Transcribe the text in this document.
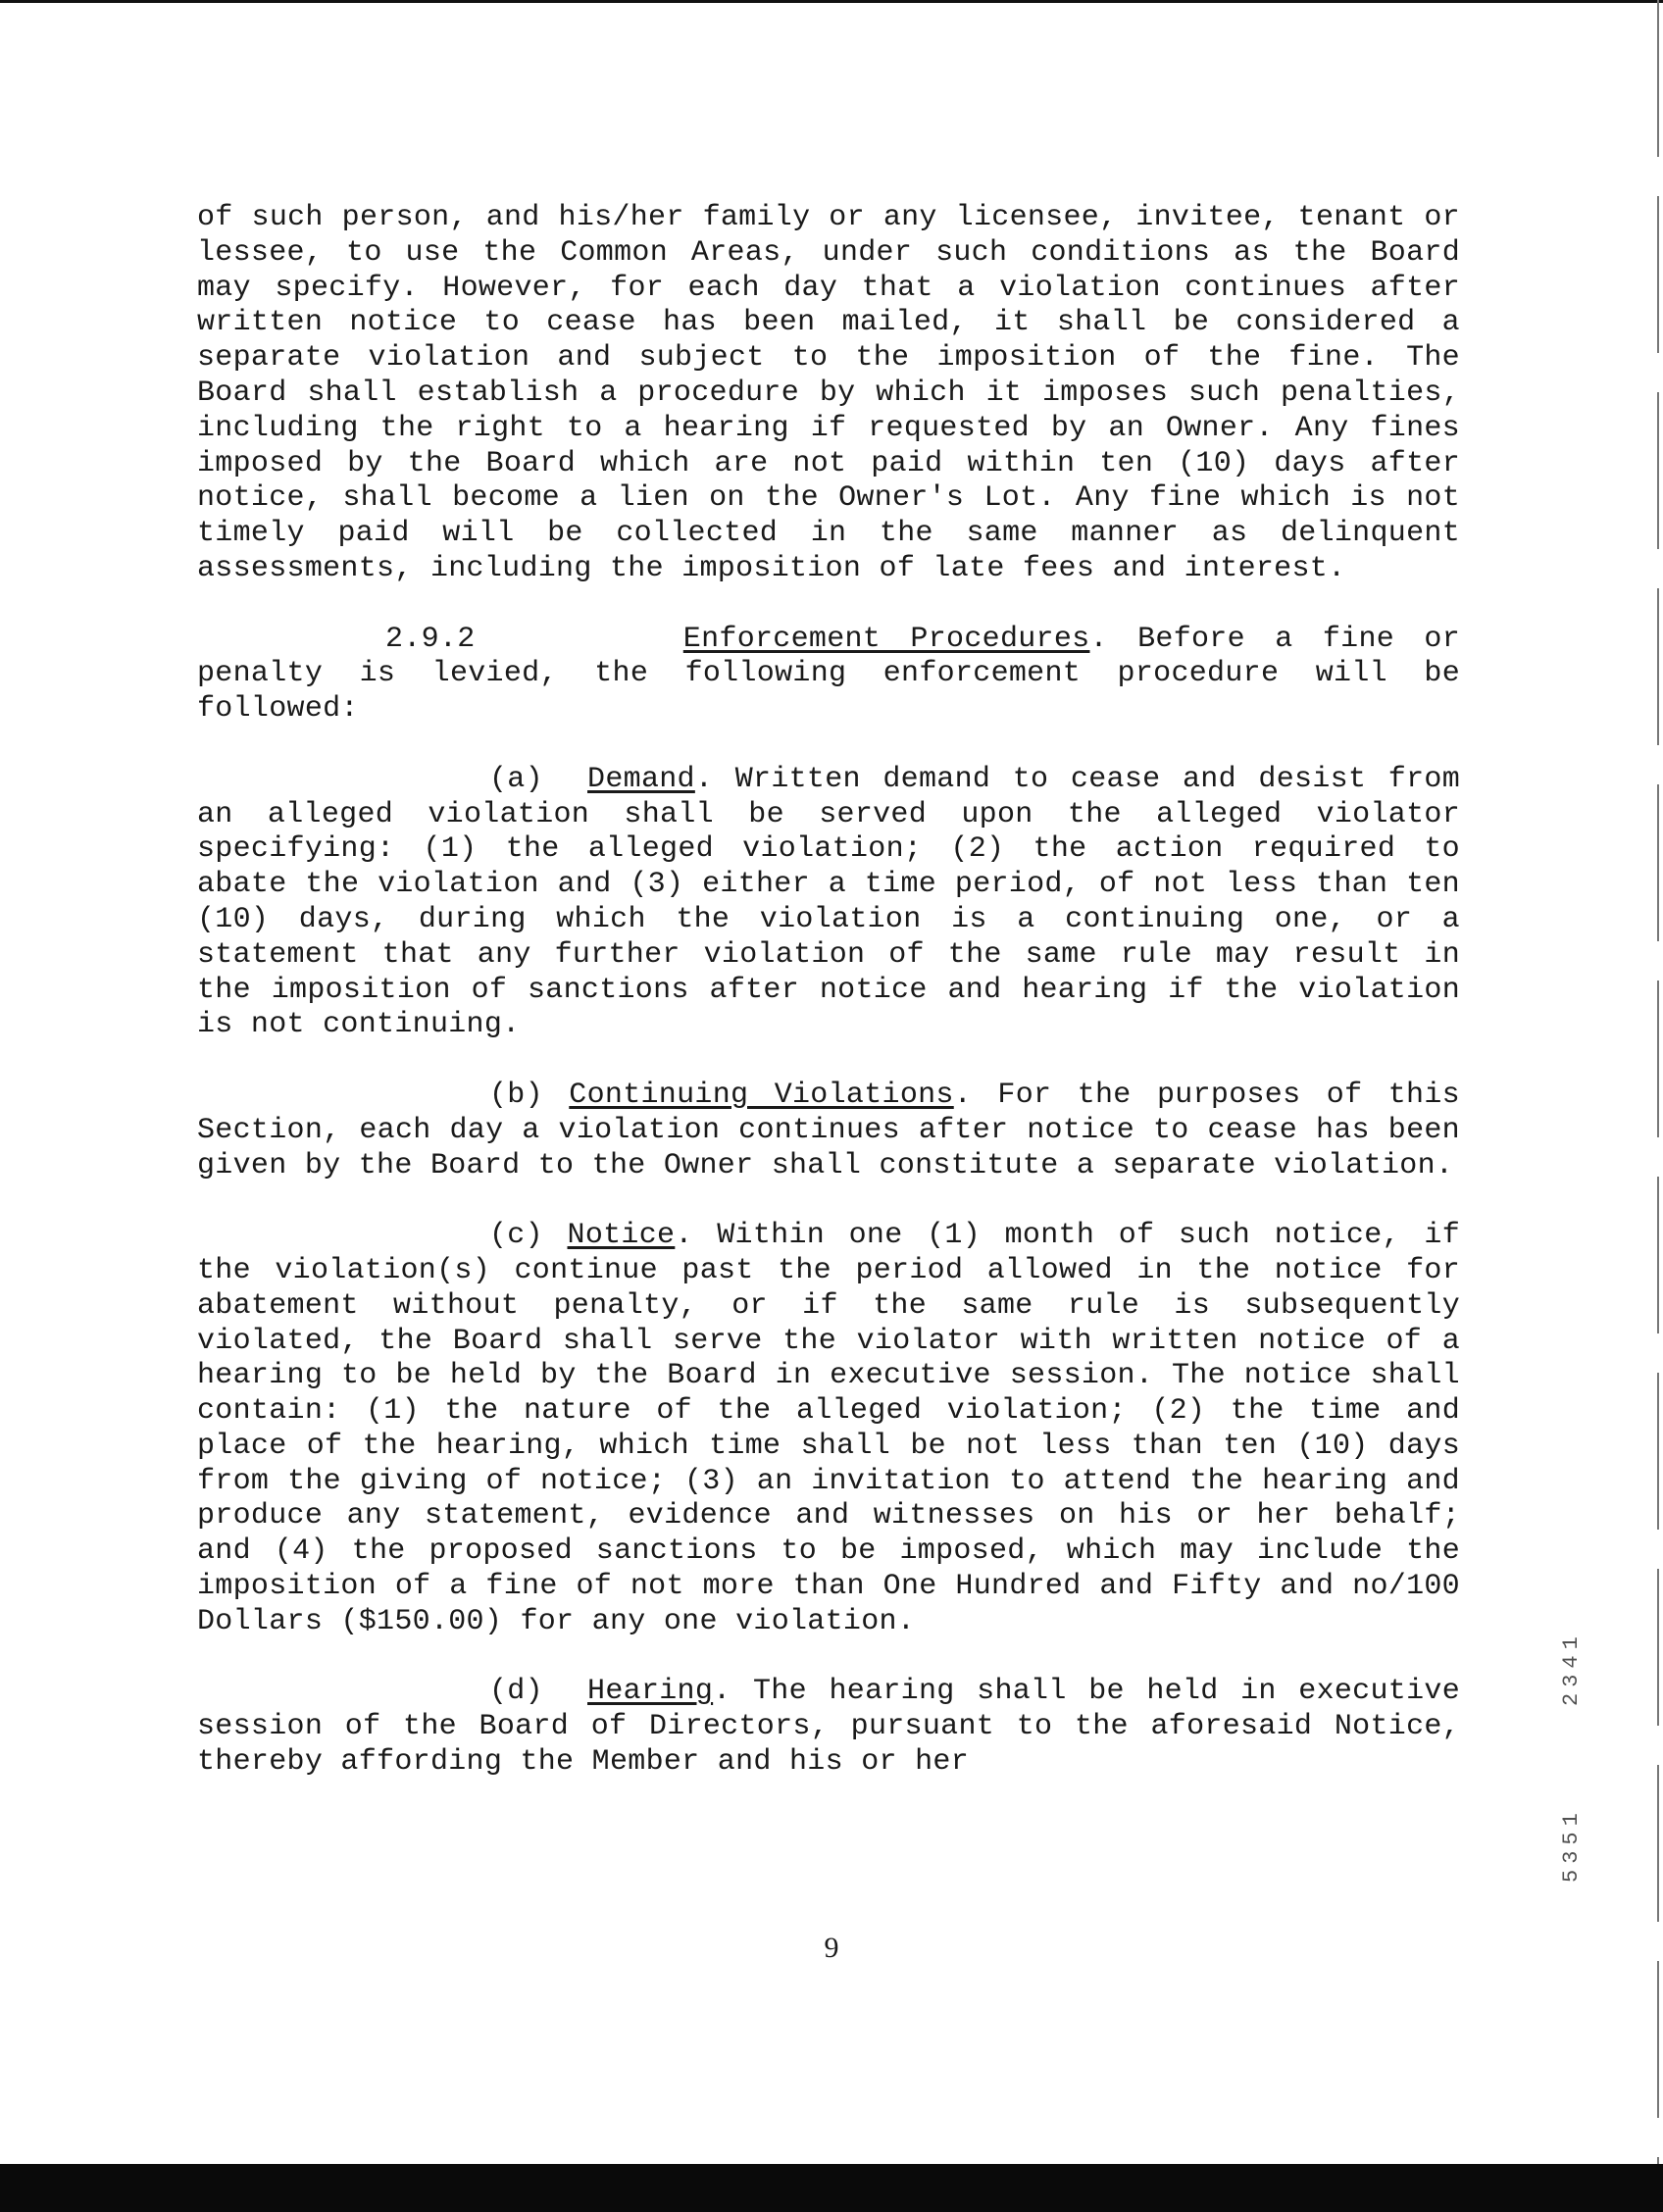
of such person, and his/her family or any licensee, invitee, tenant or lessee, to use the Common Areas, under such conditions as the Board may specify. However, for each day that a violation continues after written notice to cease has been mailed, it shall be considered a separate violation and subject to the imposition of the fine. The Board shall establish a procedure by which it imposes such penalties, including the right to a hearing if requested by an Owner. Any fines imposed by the Board which are not paid within ten (10) days after notice, shall become a lien on the Owner's Lot. Any fine which is not timely paid will be collected in the same manner as delinquent assessments, including the imposition of late fees and interest.

2.9.2	Enforcement Procedures. Before a fine or penalty is levied, the following enforcement procedure will be followed:

(a) Demand. Written demand to cease and desist from an alleged violation shall be served upon the alleged violator specifying: (1) the alleged violation; (2) the action required to abate the violation and (3) either a time period, of not less than ten (10) days, during which the violation is a continuing one, or a statement that any further violation of the same rule may result in the imposition of sanctions after notice and hearing if the violation is not continuing.

(b) Continuing Violations. For the purposes of this Section, each day a violation continues after notice to cease has been given by the Board to the Owner shall constitute a separate violation.

(c) Notice. Within one (1) month of such notice, if the violation(s) continue past the period allowed in the notice for abatement without penalty, or if the same rule is subsequently violated, the Board shall serve the violator with written notice of a hearing to be held by the Board in executive session. The notice shall contain: (1) the nature of the alleged violation; (2) the time and place of the hearing, which time shall be not less than ten (10) days from the giving of notice; (3) an invitation to attend the hearing and produce any statement, evidence and witnesses on his or her behalf; and (4) the proposed sanctions to be imposed, which may include the imposition of a fine of not more than One Hundred and Fifty and no/100 Dollars ($150.00) for any one violation.

(d) Hearing. The hearing shall be held in executive session of the Board of Directors, pursuant to the aforesaid Notice, thereby affording the Member and his or her

9
2341
5351
